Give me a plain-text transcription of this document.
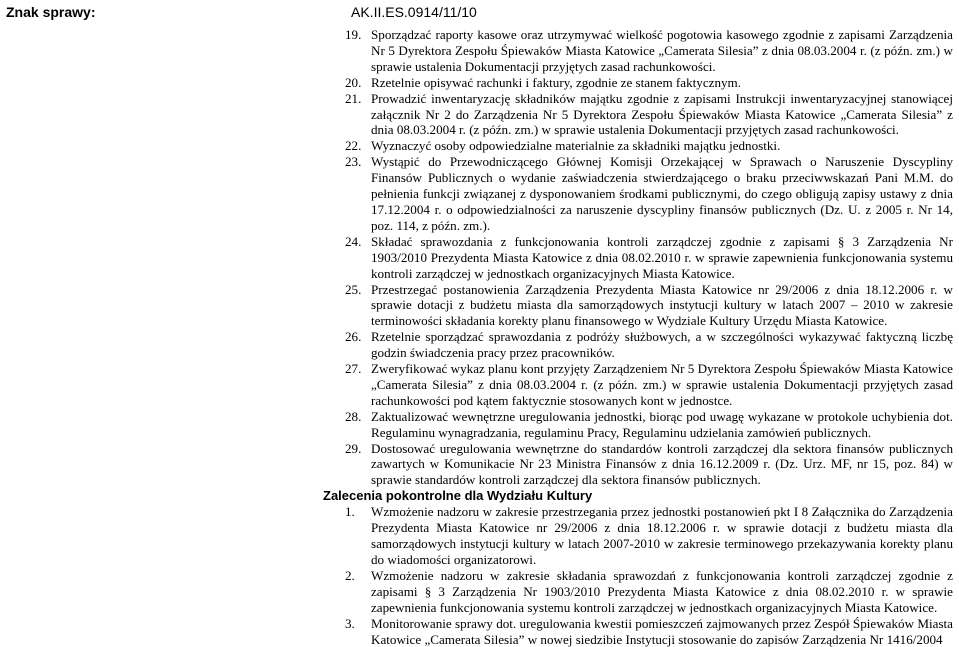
Znak sprawy:	AK.II.ES.0914/11/10
19. Sporządzać raporty kasowe oraz utrzymywać wielkość pogotowia kasowego zgodnie z zapisami Zarządzenia Nr 5 Dyrektora Zespołu Śpiewaków Miasta Katowice „Camerata Silesia” z dnia 08.03.2004 r. (z późn. zm.) w sprawie ustalenia Dokumentacji przyjętych zasad rachunkowości.
20. Rzetelnie opisywać rachunki i faktury, zgodnie ze stanem faktycznym.
21. Prowadzić inwentaryzację składników majątku zgodnie z zapisami Instrukcji inwentaryzacyjnej stanowiącej załącznik Nr 2 do Zarządzenia Nr 5 Dyrektora Zespołu Śpiewaków Miasta Katowice „Camerata Silesia” z dnia 08.03.2004 r. (z późn. zm.) w sprawie ustalenia Dokumentacji przyjętych zasad rachunkowości.
22. Wyznaczyć osoby odpowiedzialne materialnie za składniki majątku jednostki.
23. Wystąpić do Przewodniczącego Głównej Komisji Orzekającej w Sprawach o Naruszenie Dyscypliny Finansów Publicznych o wydanie zaświadczenia stwierdzającego o braku przeciwwskazań Pani M.M. do pełnienia funkcji związanej z dysponowaniem środkami publicznymi, do czego obligują zapisy ustawy z dnia 17.12.2004 r. o odpowiedzialności za naruszenie dyscypliny finansów publicznych (Dz. U. z 2005 r. Nr 14, poz. 114, z późn. zm.).
24. Składać sprawozdania z funkcjonowania kontroli zarządczej zgodnie z zapisami § 3 Zarządzenia Nr 1903/2010 Prezydenta Miasta Katowice z dnia 08.02.2010 r. w sprawie zapewnienia funkcjonowania systemu kontroli zarządczej w jednostkach organizacyjnych Miasta Katowice.
25. Przestrzegać postanowienia Zarządzenia Prezydenta Miasta Katowice nr 29/2006 z dnia 18.12.2006 r. w sprawie dotacji z budżetu miasta dla samorządowych instytucji kultury w latach 2007 – 2010 w zakresie terminowości składania korekty planu finansowego w Wydziale Kultury Urzędu Miasta Katowice.
26. Rzetelnie sporządzać sprawozdania z podróży służbowych, a w szczególności wykazywać faktyczną liczbę godzin świadczenia pracy przez pracowników.
27. Zweryfikować wykaz planu kont przyjęty Zarządzeniem Nr 5 Dyrektora Zespołu Śpiewaków Miasta Katowice „Camerata Silesia” z dnia 08.03.2004 r. (z późn. zm.) w sprawie ustalenia Dokumentacji przyjętych zasad rachunkowości pod kątem faktycznie stosowanych kont w jednostce.
28. Zaktualizować wewnętrzne uregulowania jednostki, biorąc pod uwagę wykazane w protokole uchybienia dot. Regulaminu wynagradzania, regulaminu Pracy, Regulaminu udzielania zamówień publicznych.
29. Dostosować uregulowania wewnętrzne do standardów kontroli zarządczej dla sektora finansów publicznych zawartych w Komunikacie Nr 23 Ministra Finansów z dnia 16.12.2009 r. (Dz. Urz. MF, nr 15, poz. 84) w sprawie standardów kontroli zarządczej dla sektora finansów publicznych.
Zalecenia pokontrolne dla Wydziału Kultury
1. Wzmożenie nadzoru w zakresie przestrzegania przez jednostki postanowień pkt I 8 Załącznika do Zarządzenia Prezydenta Miasta Katowice nr 29/2006 z dnia 18.12.2006 r. w sprawie dotacji z budżetu miasta dla samorządowych instytucji kultury w latach 2007-2010 w zakresie terminowego przekazywania korekty planu do wiadomości organizatorowi.
2. Wzmożenie nadzoru w zakresie składania sprawozdań z funkcjonowania kontroli zarządczej zgodnie z zapisami § 3 Zarządzenia Nr 1903/2010 Prezydenta Miasta Katowice z dnia 08.02.2010 r. w sprawie zapewnienia funkcjonowania systemu kontroli zarządczej w jednostkach organizacyjnych Miasta Katowice.
3. Monitorowanie sprawy dot. uregulowania kwestii pomieszczeń zajmowanych przez Zespół Śpiewaków Miasta Katowice „Camerata Silesia” w nowej siedzibie Instytucji stosowanie do zapisów Zarządzenia Nr 1416/2004
